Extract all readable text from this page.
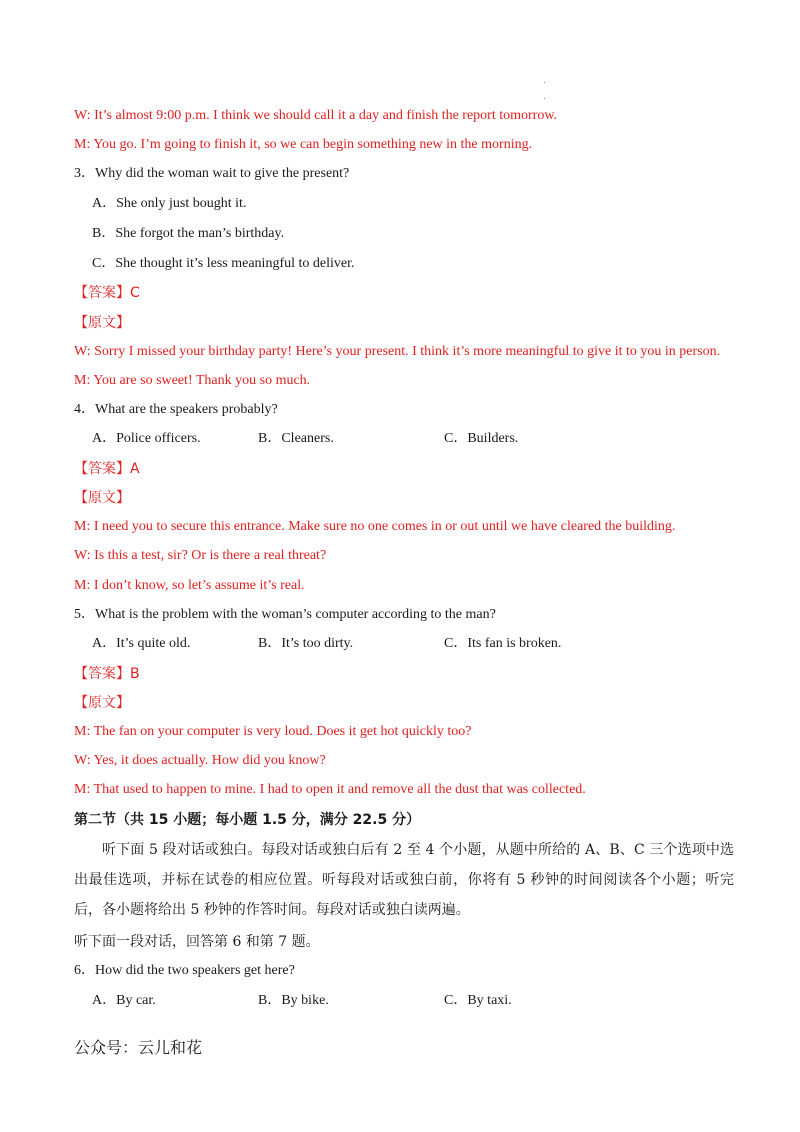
W: It’s almost 9:00 p.m. I think we should call it a day and finish the report tomorrow.
M: You go. I’m going to finish it, so we can begin something new in the morning.
3．Why did the woman wait to give the present?
A．She only just bought it.
B．She forgot the man’s birthday.
C．She thought it’s less meaningful to deliver.
【答案】C
【原文】
W: Sorry I missed your birthday party! Here’s your present. I think it’s more meaningful to give it to you in person.
M: You are so sweet! Thank you so much.
4．What are the speakers probably?
A．Police officers.	B．Cleaners.	C．Builders.
【答案】A
【原文】
M: I need you to secure this entrance. Make sure no one comes in or out until we have cleared the building.
W: Is this a test, sir? Or is there a real threat?
M: I don’t know, so let’s assume it’s real.
5．What is the problem with the woman’s computer according to the man?
A．It’s quite old.	B．It’s too dirty.	C．Its fan is broken.
【答案】B
【原文】
M: The fan on your computer is very loud. Does it get hot quickly too?
W: Yes, it does actually. How did you know?
M: That used to happen to mine. I had to open it and remove all the dust that was collected.
第二节（共 15 小题；每小题 1.5 分，满分 22.5 分）
听下面 5 段对话或独白。每段对话或独白后有 2 至 4 个小题，从题中所给的 A、B、C 三个选项中选出最佳选项，并标在试卷的相应位置。听每段对话或独白前，你将有 5 秒钟的时间阅读各个小题；听完后，各小题将给出 5 秒钟的作答时间。每段对话或独白读两遍。
听下面一段对话，回答第 6 和第 7 题。
6．How did the two speakers get here?
A．By car.	B．By bike.	C．By taxi.
公众号：云儿和花
